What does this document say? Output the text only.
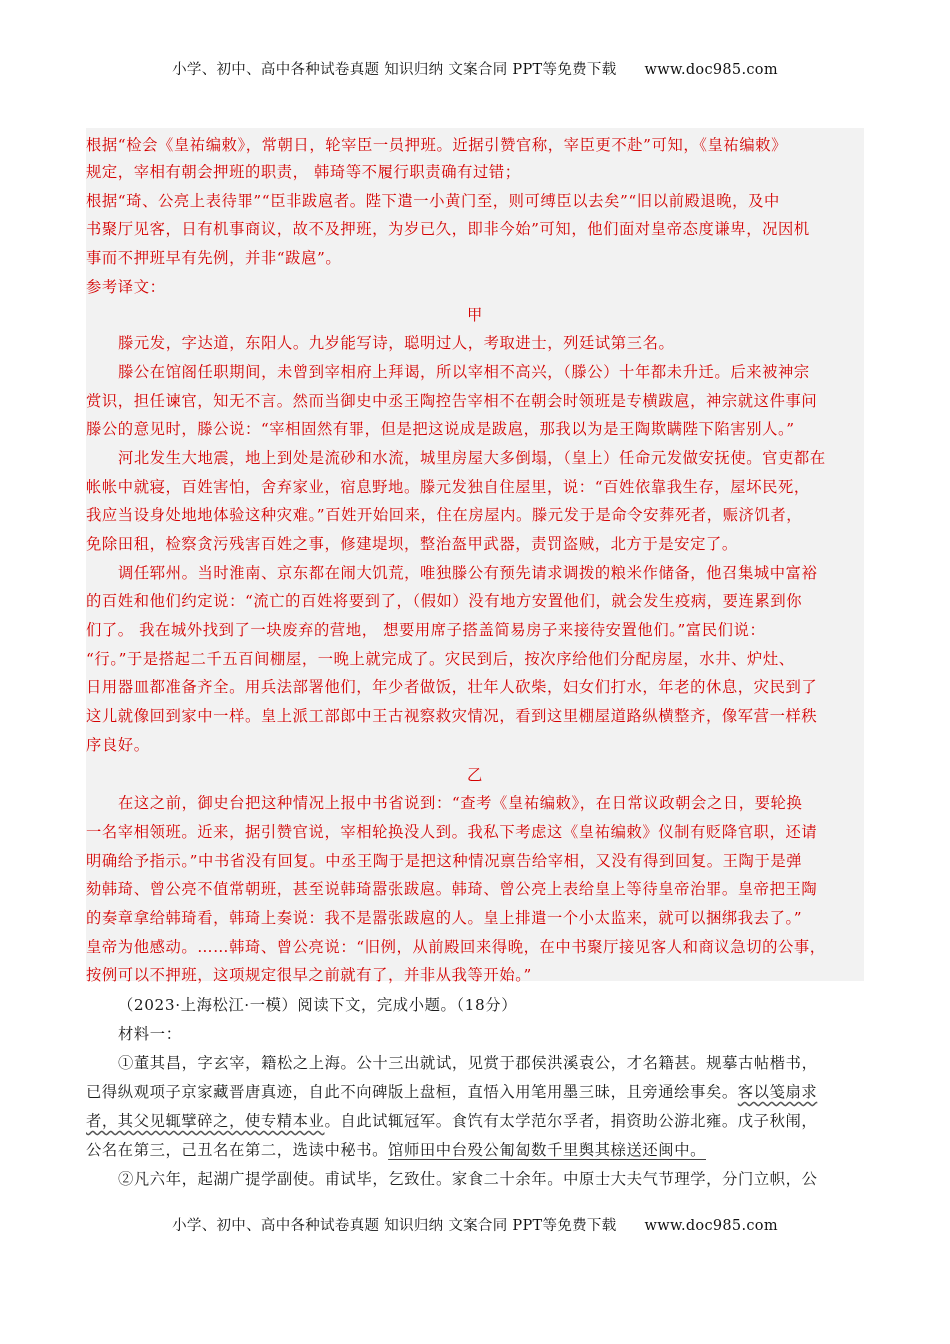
小学、初中、高中各种试卷真题 知识归纳 文案合同 PPT等免费下载 www.doc985.com
根据“检会《皇祐编敕》，常朝日，轮宰臣一员押班。近据引赞官称，宰臣更不赴”可知，《皇祐编敕》
规定，宰相有朝会押班的职责， 韩琦等不履行职责确有过错；
根据“琦、公亮上表待罪”“臣非跋扈者。陛下遣一小黄门至，则可缚臣以去矣”“旧以前殿退晚，及中
书聚厅见客，日有机事商议，故不及押班，为岁已久，即非今始”可知，他们面对皇帝态度谦卑，况因机
事而不押班早有先例，并非“跋扈”。
参考译文：
甲
滕元发，字达道，东阳人。九岁能写诗，聪明过人，考取进士，列廷试第三名。
滕公在馆阁任职期间，未曾到宰相府上拜谒，所以宰相不高兴，（滕公）十年都未升迁。后来被神宗
赏识，担任谏官，知无不言。然而当御史中丞王陶控告宰相不在朝会时领班是专横跋扈，神宗就这件事问
滕公的意见时，滕公说：“宰相固然有罪，但是把这说成是跋扈，那我以为是王陶欺瞒陛下陷害别人。”
河北发生大地震，地上到处是流砂和水流，城里房屋大多倒塌，（皇上）任命元发做安抚使。官吏都在
帐帐中就寝，百姓害怕，舍弃家业，宿息野地。滕元发独自住屋里，说：“百姓依靠我生存，屋坏民死，
我应当设身处地地体验这种灾难。”百姓开始回来，住在房屋内。滕元发于是命令安葬死者，赈济饥者，
免除田租，检察贪污残害百姓之事，修建堤坝，整治盔甲武器，责罚盗贼，北方于是安定了。
调任郓州。当时淮南、京东都在闹大饥荒，唯独滕公有预先请求调拨的粮米作储备，他召集城中富裕
的百姓和他们约定说：“流亡的百姓将要到了，（假如）没有地方安置他们，就会发生疫病，要连累到你
们了。 我在城外找到了一块废弃的营地， 想要用席子搭盖简易房子来接待安置他们。”富民们说：
“行。”于是搭起二千五百间棚屋，一晚上就完成了。灾民到后，按次序给他们分配房屋，水井、炉灶、
日用器皿都准备齐全。用兵法部署他们，年少者做饭，壮年人砍柴，妇女们打水，年老的休息，灾民到了
这儿就像回到家中一样。皇上派工部郎中王古视察救灾情况，看到这里棚屋道路纵横整齐，像军营一样秩
序良好。
乙
在这之前，御史台把这种情况上报中书省说到：“查考《皇祐编敕》，在日常议政朝会之日，要轮换
一名宰相领班。近来，据引赞官说，宰相轮换没人到。我私下考虑这《皇祐编敕》仪制有贬降官职，还请
明确给予指示。”中书省没有回复。中丞王陶于是把这种情况禀告给宰相，又没有得到回复。王陶于是弹
劾韩琦、曾公亮不值常朝班，甚至说韩琦嚣张跋扈。韩琦、曾公亮上表给皇上等待皇帝治罪。皇帝把王陶
的奏章拿给韩琦看，韩琦上奏说：我不是嚣张跋扈的人。皇上排遣一个小太监来，就可以捆绑我去了。”
皇帝为他感动。……韩琦、曾公亮说：“旧例，从前殿回来得晚，在中书聚厅接见客人和商议急切的公事，
按例可以不押班，这项规定很早之前就有了，并非从我等开始。”
（2023·上海松江·一模）阅读下文，完成小题。（18分）
材料一：
①董其昌，字玄宰，籍松之上海。公十三出就试，见赏于郡侯洪溪袁公，才名籍甚。规摹古帖楷书，
已得纵观项子京家藏晋唐真迹，自此不向碑版上盘桓，直悟入用笔用墨三昧，且旁通绘事矣。客以笺扇求
者，其父见辄擘碎之，使专精本业。自此试辄冠军。食饩有太学范尔孚者，捐资助公游北雍。戊子秋闱，
公名在第三，己丑名在第二，选读中秘书。馆师田中台殁公匍匐数千里舆其榇送还闽中。
②凡六年，起湖广提学副使。甫试毕，乞致仕。家食二十余年。中原士大夫气节理学，分门立帜，公
小学、初中、高中各种试卷真题 知识归纳 文案合同 PPT等免费下载 www.doc985.com
